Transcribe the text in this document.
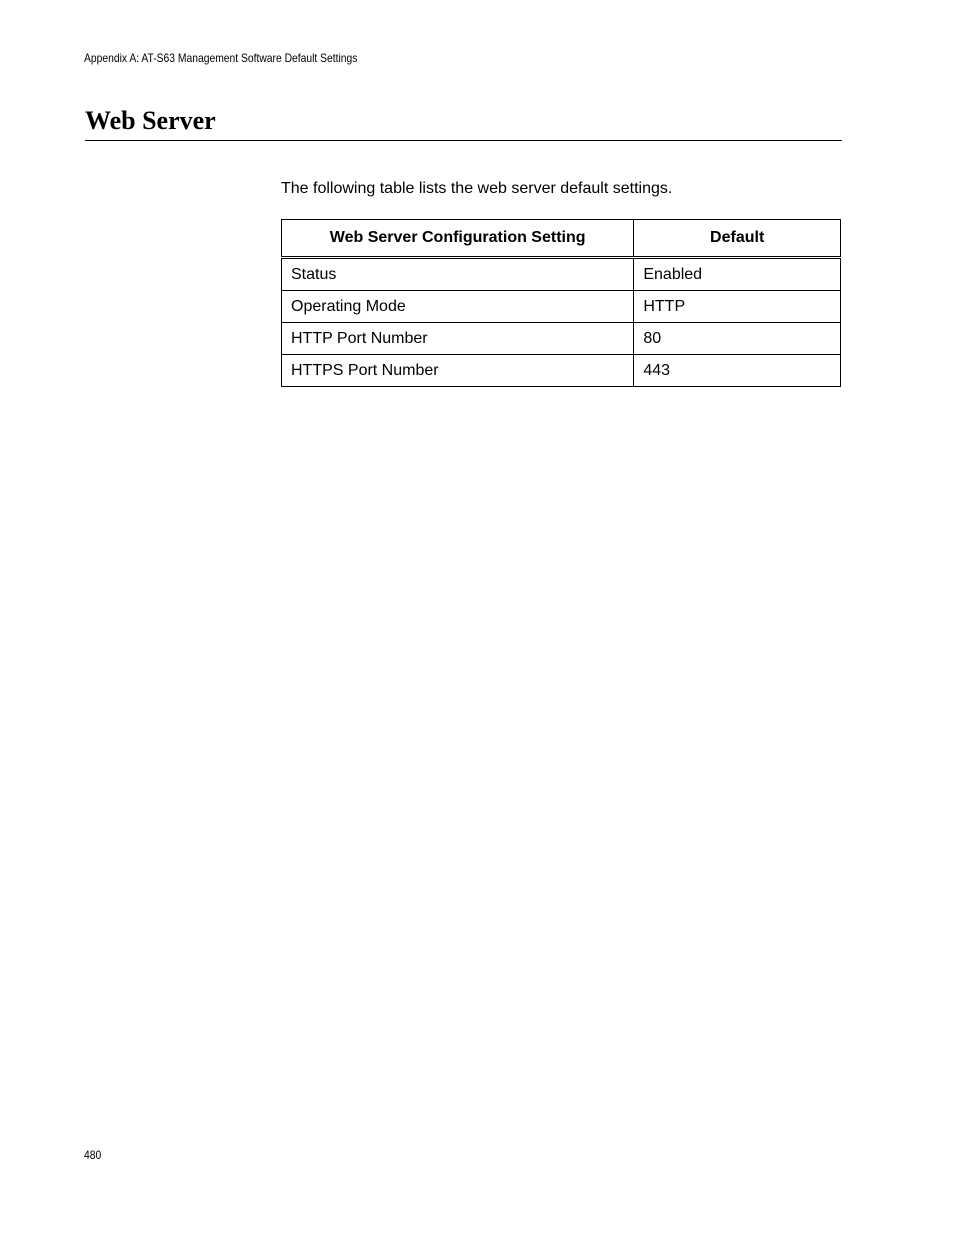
Appendix A: AT-S63 Management Software Default Settings
Web Server

The following table lists the web server default settings.

Web Server Configuration Setting	Default
Status	Enabled
Operating Mode	HTTP
HTTP Port Number	80
HTTPS Port Number	443
480
